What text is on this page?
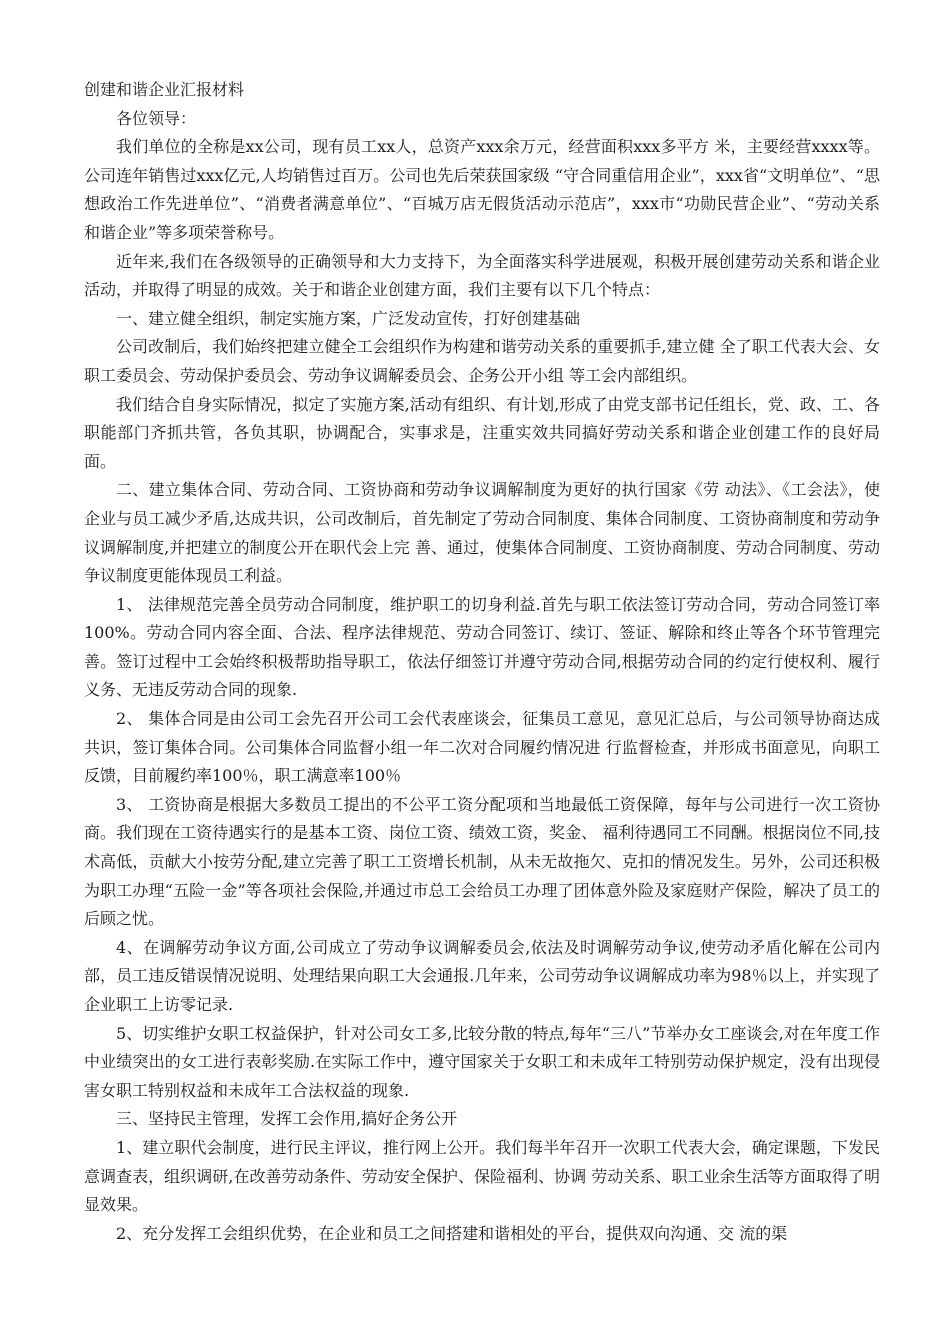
创建和谐企业汇报材料

各位领导：

我们单位的全称是xx公司，现有员工xx人，总资产xxx余万元，经营面积xxx多平方 米，主要经营xxxx等。公司连年销售过xxx亿元,人均销售过百万。公司也先后荣获国家级 “守合同重信用企业”，xxx省“文明单位”、“思想政治工作先进单位”、“消费者满意单位”、“百城万店无假货活动示范店”，xxx市“功勋民营企业”、“劳动关系和谐企业”等多项荣誉称号。

近年来,我们在各级领导的正确领导和大力支持下，为全面落实科学进展观，积极开展创建劳动关系和谐企业活动，并取得了明显的成效。关于和谐企业创建方面，我们主要有以下几个特点：

一、建立健全组织，制定实施方案，广泛发动宣传，打好创建基础

公司改制后，我们始终把建立健全工会组织作为构建和谐劳动关系的重要抓手,建立健 全了职工代表大会、女职工委员会、劳动保护委员会、劳动争议调解委员会、企务公开小组 等工会内部组织。

我们结合自身实际情况，拟定了实施方案,活动有组织、有计划,形成了由党支部书记任组长，党、政、工、各职能部门齐抓共管，各负其职，协调配合，实事求是，注重实效共同搞好劳动关系和谐企业创建工作的良好局面。

二、建立集体合同、劳动合同、工资协商和劳动争议调解制度为更好的执行国家《劳 动法》、《工会法》，使企业与员工减少矛盾,达成共识，公司改制后，首先制定了劳动合同制度、集体合同制度、工资协商制度和劳动争议调解制度,并把建立的制度公开在职代会上完 善、通过，使集体合同制度、工资协商制度、劳动合同制度、劳动争议制度更能体现员工利益。

1、 法律规范完善全员劳动合同制度，维护职工的切身利益.首先与职工依法签订劳动合同，劳动合同签订率 100%。劳动合同内容全面、合法、程序法律规范、劳动合同签订、续订、签证、解除和终止等各个环节管理完善。签订过程中工会始终积极帮助指导职工，依法仔细签订并遵守劳动合同,根据劳动合同的约定行使权利、履行义务、无违反劳动合同的现象.

2、 集体合同是由公司工会先召开公司工会代表座谈会，征集员工意见，意见汇总后，与公司领导协商达成共识，签订集体合同。公司集体合同监督小组一年二次对合同履约情况进 行监督检查，并形成书面意见，向职工反馈，目前履约率100％，职工满意率100％

3、 工资协商是根据大多数员工提出的不公平工资分配项和当地最低工资保障，每年与公司进行一次工资协商。我们现在工资待遇实行的是基本工资、岗位工资、绩效工资，奖金、 福利待遇同工不同酬。根据岗位不同,技术高低，贡献大小按劳分配,建立完善了职工工资增长机制，从未无故拖欠、克扣的情况发生。另外，公司还积极为职工办理“五险一金”等各项社会保险,并通过市总工会给员工办理了团体意外险及家庭财产保险，解决了员工的后顾之忧。

4、在调解劳动争议方面,公司成立了劳动争议调解委员会,依法及时调解劳动争议,使劳动矛盾化解在公司内部，员工违反错误情况说明、处理结果向职工大会通报.几年来，公司劳动争议调解成功率为98％以上，并实现了企业职工上访零记录.

5、切实维护女职工权益保护，针对公司女工多,比较分散的特点,每年“三八”节举办女工座谈会,对在年度工作中业绩突出的女工进行表彰奖励.在实际工作中，遵守国家关于女职工和未成年工特别劳动保护规定，没有出现侵害女职工特别权益和未成年工合法权益的现象.

三、坚持民主管理，发挥工会作用,搞好企务公开

1、建立职代会制度，进行民主评议，推行网上公开。我们每半年召开一次职工代表大会，确定课题，下发民意调查表，组织调研,在改善劳动条件、劳动安全保护、保险福利、协调 劳动关系、职工业余生活等方面取得了明显效果。

2、充分发挥工会组织优势，在企业和员工之间搭建和谐相处的平台，提供双向沟通、交 流的渠
